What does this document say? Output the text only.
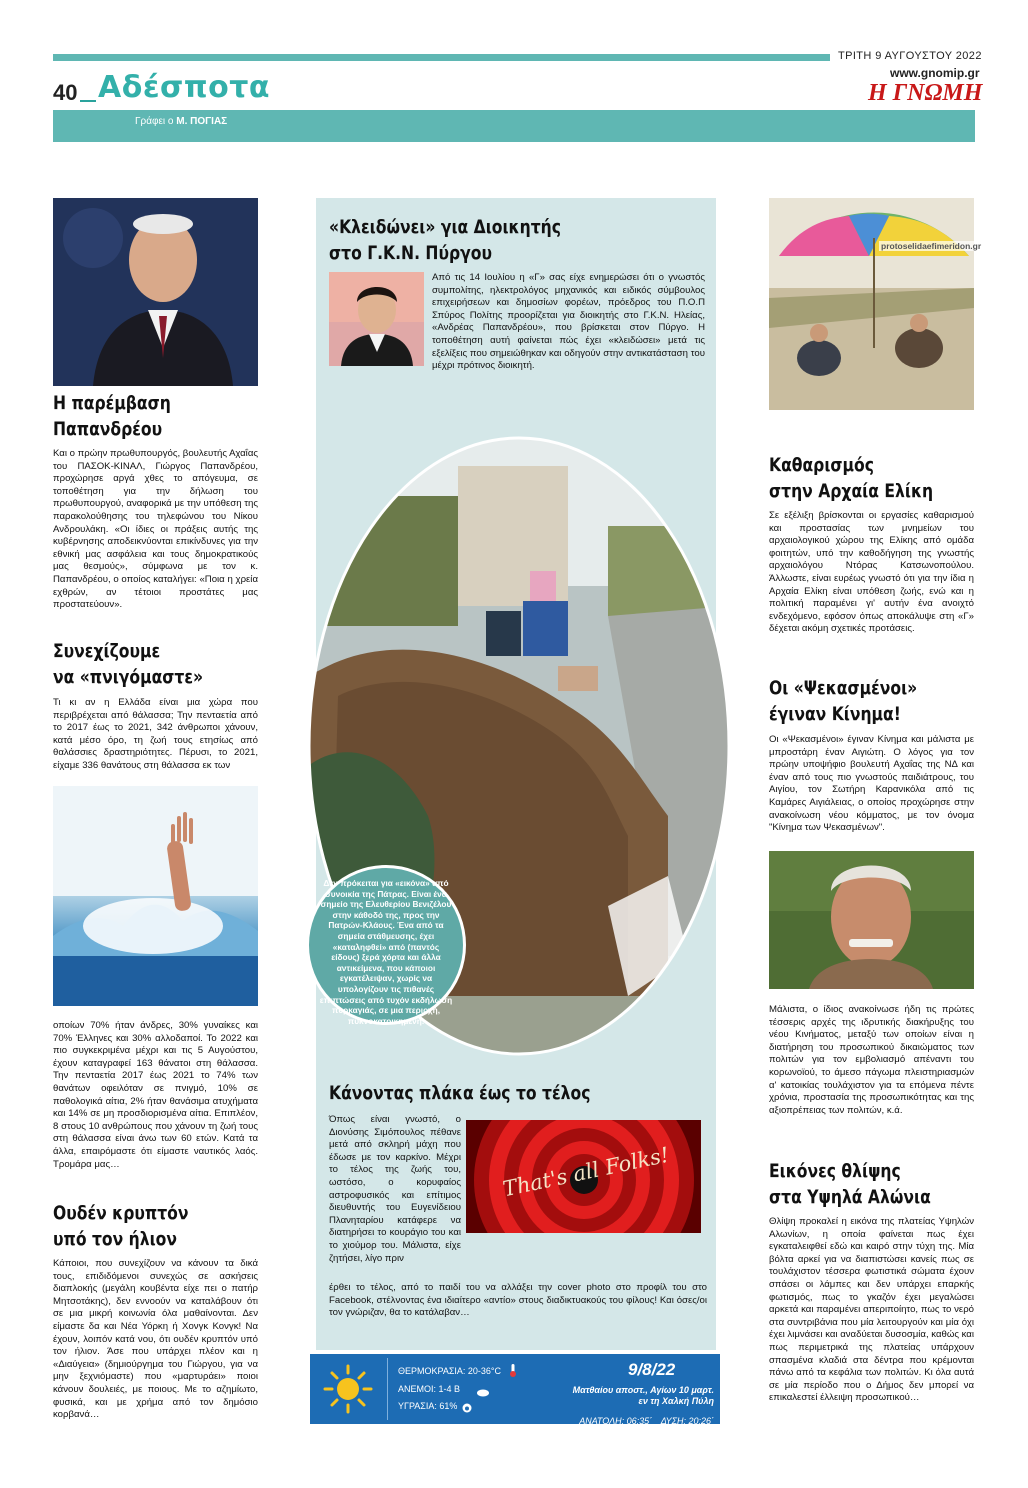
40 Αδέσποτα
ΤΡΙΤΗ 9 ΑΥΓΟΥΣΤΟΥ 2022
www.gnomip.gr
Η ΓΝΩΜΗ
Γράφει ο Μ. ΠΟΓΙΑΣ
Η παρέμβαση
Παπανδρέου
Και ο πρώην πρωθυπουργός, βουλευτής Αχαΐας του ΠΑΣΟΚ-ΚΙΝΑΛ, Γιώργος Παπανδρέου, προχώρησε αργά χθες το απόγευμα, σε τοποθέτηση για την δήλωση του πρωθυπουργού, αναφορικά με την υπόθεση της παρακολούθησης του τηλεφώνου του Νίκου Ανδρουλάκη. «Οι ίδιες οι πράξεις αυτής της κυβέρνησης αποδεικνύονται επικίνδυνες για την εθνική μας ασφάλεια και τους δημοκρατικούς μας θεσμούς», σύμφωνα με τον κ. Παπανδρέου, ο οποίος καταλήγει: «Ποια η χρεία εχθρών, αν τέτοιοι προστάτες μας προστατεύουν».
Συνεχίζουμε
να «πνιγόμαστε»
Τι κι αν η Ελλάδα είναι μια χώρα που περιβρέχεται από θάλασσα; Την πενταετία από το 2017 έως το 2021, 342 άνθρωποι χάνουν, κατά μέσο όρο, τη ζωή τους ετησίως από θαλάσσιες δραστηριότητες. Πέρυσι, το 2021, είχαμε 336 θανάτους στη θάλασσα εκ των
οποίων 70% ήταν άνδρες, 30% γυναίκες και 70% Έλληνες και 30% αλλοδαποί. Το 2022 και πιο συγκεκριμένα μέχρι και τις 5 Αυγούστου, έχουν καταγραφεί 163 θάνατοι στη θάλασσα. Την πενταετία 2017 έως 2021 το 74% των θανάτων οφειλόταν σε πνιγμό, 10% σε παθολογικά αίτια, 2% ήταν θανάσιμα ατυχήματα και 14% σε μη προσδιορισμένα αίτια. Επιπλέον, 8 στους 10 ανθρώπους που χάνουν τη ζωή τους στη θάλασσα είναι άνω των 60 ετών. Κατά τα άλλα, επαιρόμαστε ότι είμαστε ναυτικός λαός. Τρομάρα μας…
Ουδέν κρυπτόν
υπό τον ήλιον
Κάποιοι, που συνεχίζουν να κάνουν τα δικά τους, επιδιδόμενοι συνεχώς σε ασκήσεις διαπλοκής (μεγάλη κουβέντα είχε πει ο πατήρ Μητσοτάκης), δεν εννοούν να καταλάβουν ότι σε μια μικρή κοινωνία όλα μαθαίνονται. Δεν είμαστε δα και Νέα Υόρκη ή Χονγκ Κονγκ! Να έχουν, λοιπόν κατά νου, ότι ουδέν κρυπτόν υπό τον ήλιον. Άσε που υπάρχει πλέον και η «Διαύγεια» (δημιούργημα του Γιώργου, για να μην ξεχνιόμαστε) που «μαρτυράει» ποιοι κάνουν δουλειές, με ποιους. Με το αζημίωτο, φυσικά, και με χρήμα από τον δημόσιο κορβανά…
«Κλειδώνει» για Διοικητής
στο Γ.Κ.Ν. Πύργου
Από τις 14 Ιουλίου η «Γ» σας είχε ενημερώσει ότι ο γνωστός συμπολίτης, ηλεκτρολόγος μηχανικός και ειδικός σύμβουλος επιχειρήσεων και δημοσίων φορέων, πρόεδρος του Π.Ο.Π Σπύρος Πολίτης προορίζεται για διοικητής στο Γ.Κ.Ν. Ηλείας, «Ανδρέας Παπανδρέου», που βρίσκεται στον Πύργο. Η τοποθέτηση αυτή φαίνεται πώς έχει «κλειδώσει» μετά τις εξελίξεις που σημειώθηκαν και οδηγούν στην αντικατάσταση του μέχρι πρότινος διοικητή.
Δεν πρόκειται για «εικόνα» από συνοικία της Πάτρας. Είναι ένα σημείο της Ελευθερίου Βενιζέλου στην κάθοδό της, προς την Πατρών-Κλάους. Ένα από τα σημεία στάθμευσης, έχει «καταληφθεί» από (παντός είδους) ξερά χόρτα και άλλα αντικείμενα, που κάποιοι εγκατέλειψαν, χωρίς να υπολογίζουν τις πιθανές επιπτώσεις από τυχόν εκδήλωση πυρκαγιάς, σε μια περιοχή, πυκνοκατοικημένη.
Κάνοντας πλάκα έως το τέλος
Όπως είναι γνωστό, ο Διονύσης Σιμόπουλος πέθανε μετά από σκληρή μάχη που έδωσε με τον καρκίνο. Μέχρι το τέλος της ζωής του, ωστόσο, ο κορυφαίος αστροφυσικός και επίτιμος διευθυντής του Ευγενίδειου Πλανηταρίου κατάφερε να διατηρήσει το κουράγιο του και το χιούμορ του. Μάλιστα, είχε ζητήσει, λίγο πριν
That's all Folks!
έρθει το τέλος, από το παιδί του να αλλάξει την cover photo στο προφίλ του στο Facebook, στέλνοντας ένα ιδιαίτερο «αντίο» στους διαδικτυακούς του φίλους! Και όσες/οι τον γνώριζαν, θα το κατάλαβαν…
ΘΕΡΜΟΚΡΑΣΙΑ: 20-36°C
ΑΝΕΜΟΙ: 1-4 B
ΥΓΡΑΣΙΑ: 61%
9/8/22
Ματθαίου αποστ., Αγίων 10 μαρτ.
εν τη Χαλκή Πύλη
ΑΝΑΤΟΛΗ: 06:35΄ ΔΥΣΗ: 20:26΄
protoselidaefimeridon.gr
Καθαρισμός
στην Αρχαία Ελίκη
Σε εξέλιξη βρίσκονται οι εργασίες καθαρισμού και προστασίας των μνημείων του αρχαιολογικού χώρου της Ελίκης από ομάδα φοιτητών, υπό την καθοδήγηση της γνωστής αρχαιολόγου Ντόρας Κατσωνοπούλου. Άλλωστε, είναι ευρέως γνωστό ότι για την ίδια η Αρχαία Ελίκη είναι υπόθεση ζωής, ενώ και η πολιτική παραμένει γι' αυτήν ένα ανοιχτό ενδεχόμενο, εφόσον όπως αποκάλυψε στη «Γ» δέχεται ακόμη σχετικές προτάσεις.
Οι «Ψεκασμένοι»
έγιναν Κίνημα!
Οι «Ψεκασμένοι» έγιναν Κίνημα και μάλιστα με μπροστάρη έναν Αιγιώτη. Ο λόγος για τον πρώην υποψήφιο βουλευτή Αχαΐας της ΝΔ και έναν από τους πιο γνωστούς παιδιάτρους, του Αιγίου, τον Σωτήρη Καρανικόλα από τις Καμάρες Αιγιάλειας, ο οποίος προχώρησε στην ανακοίνωση νέου κόμματος, με τον όνομα "Κίνημα των Ψεκασμένων".
Μάλιστα, ο ίδιος ανακοίνωσε ήδη τις πρώτες τέσσερις αρχές της ιδρυτικής διακήρυξης του νέου Κινήματος, μεταξύ των οποίων είναι η διατήρηση του προσωπικού δικαιώματος των πολιτών για τον εμβολιασμό απέναντι του κορωνοϊού, το άμεσο πάγωμα πλειστηριασμών α' κατοικίας τουλάχιστον για τα επόμενα πέντε χρόνια, προστασία της προσωπικότητας και της αξιοπρέπειας των πολιτών, κ.ά.
Εικόνες θλίψης
στα Υψηλά Αλώνια
Θλίψη προκαλεί η εικόνα της πλατείας Υψηλών Αλωνίων, η οποία φαίνεται πως έχει εγκαταλειφθεί εδώ και καιρό στην τύχη της. Μία βόλτα αρκεί για να διαπιστώσει κανείς πως σε τουλάχιστον τέσσερα φωτιστικά σώματα έχουν σπάσει οι λάμπες και δεν υπάρχει επαρκής φωτισμός, πως το γκαζόν έχει μεγαλώσει αρκετά και παραμένει απεριποίητο, πως το νερό στα συντριβάνια που μία λειτουργούν και μία όχι έχει λιμνάσει και αναδύεται δυσοσμία, καθώς και πως περιμετρικά της πλατείας υπάρχουν σπασμένα κλαδιά στα δέντρα που κρέμονται πάνω από τα κεφάλια των πολιτών. Κι όλα αυτά σε μία περίοδο που ο Δήμος δεν μπορεί να επικαλεστεί έλλειψη προσωπικού…
